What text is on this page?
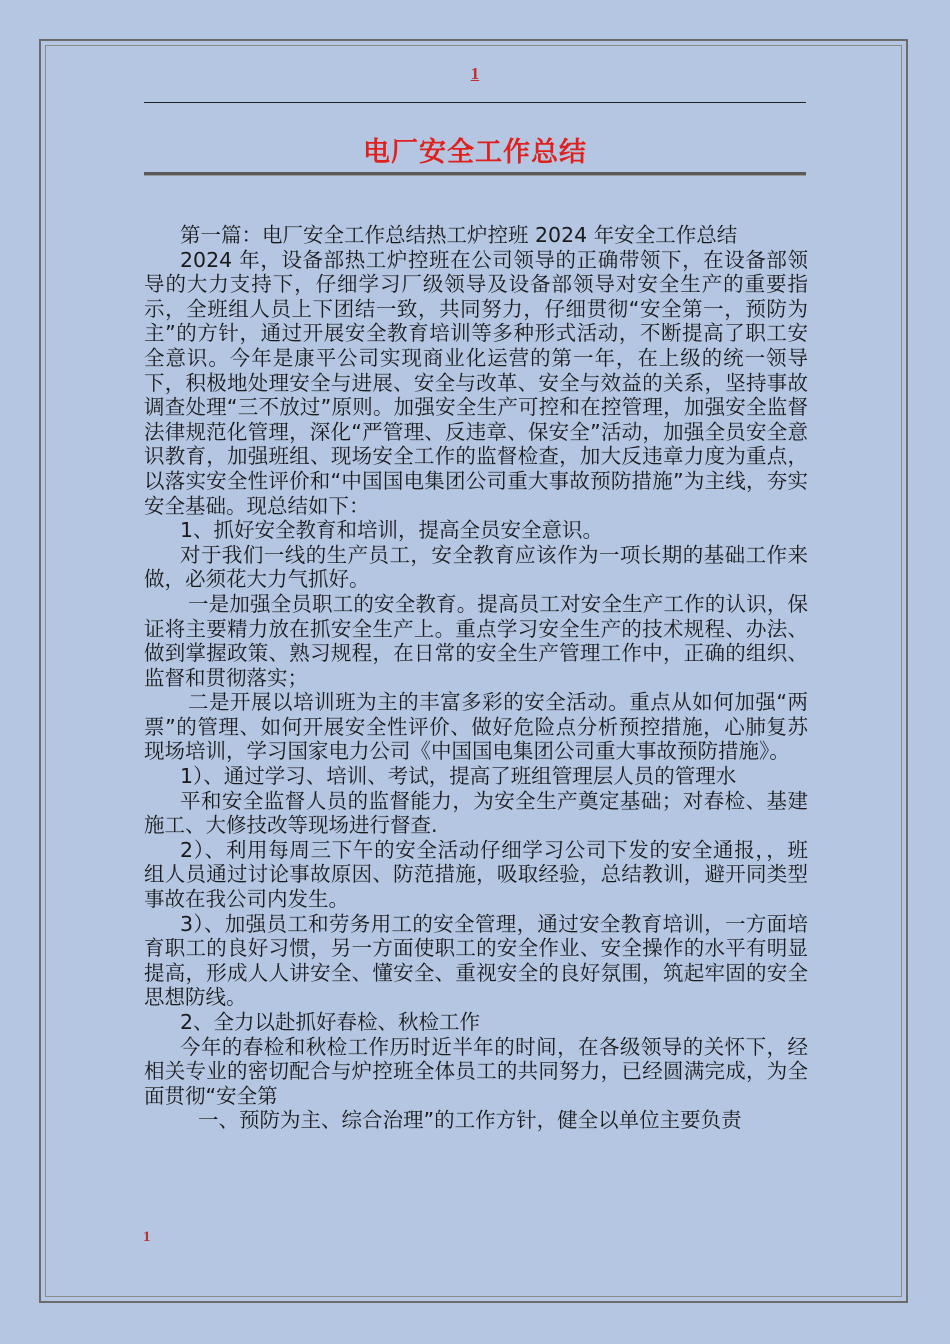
1
电厂安全工作总结

第一篇：电厂安全工作总结热工炉控班 2024 年安全工作总结

2024 年，设备部热工炉控班在公司领导的正确带领下，在设备部领导的大力支持下，仔细学习厂级领导及设备部领导对安全生产的重要指示，全班组人员上下团结一致，共同努力，仔细贯彻“安全第一，预防为主”的方针，通过开展安全教育培训等多种形式活动，不断提高了职工安全意识。今年是康平公司实现商业化运营的第一年，在上级的统一领导下，积极地处理安全与进展、安全与改革、安全与效益的关系，坚持事故调查处理“三不放过”原则。加强安全生产可控和在控管理，加强安全监督法律规范化管理，深化“严管理、反违章、保安全”活动，加强全员安全意识教育，加强班组、现场安全工作的监督检查，加大反违章力度为重点，以落实安全性评价和“中国国电集团公司重大事故预防措施”为主线，夯实安全基础。现总结如下：

1、抓好安全教育和培训，提高全员安全意识。

对于我们一线的生产员工，安全教育应该作为一项长期的基础工作来做，必须花大力气抓好。

一是加强全员职工的安全教育。提高员工对安全生产工作的认识，保证将主要精力放在抓安全生产上。重点学习安全生产的技术规程、办法、做到掌握政策、熟习规程，在日常的安全生产管理工作中，正确的组织、监督和贯彻落实；

二是开展以培训班为主的丰富多彩的安全活动。重点从如何加强“两票”的管理、如何开展安全性评价、做好危险点分析预控措施，心肺复苏现场培训，学习国家电力公司《中国国电集团公司重大事故预防措施》。

1）、通过学习、培训、考试，提高了班组管理层人员的管理水

平和安全监督人员的监督能力，为安全生产奠定基础；对春检、基建施工、大修技改等现场进行督查.

2）、利用每周三下午的安全活动仔细学习公司下发的安全通报，，班组人员通过讨论事故原因、防范措施，吸取经验，总结教训，避开同类型事故在我公司内发生。

3）、加强员工和劳务用工的安全管理，通过安全教育培训，一方面培育职工的良好习惯，另一方面使职工的安全作业、安全操作的水平有明显提高，形成人人讲安全、懂安全、重视安全的良好氛围，筑起牢固的安全思想防线。

2、全力以赴抓好春检、秋检工作

今年的春检和秋检工作历时近半年的时间，在各级领导的关怀下，经相关专业的密切配合与炉控班全体员工的共同努力，已经圆满完成，为全面贯彻“安全第

一、预防为主、综合治理”的工作方针，健全以单位主要负责

1
